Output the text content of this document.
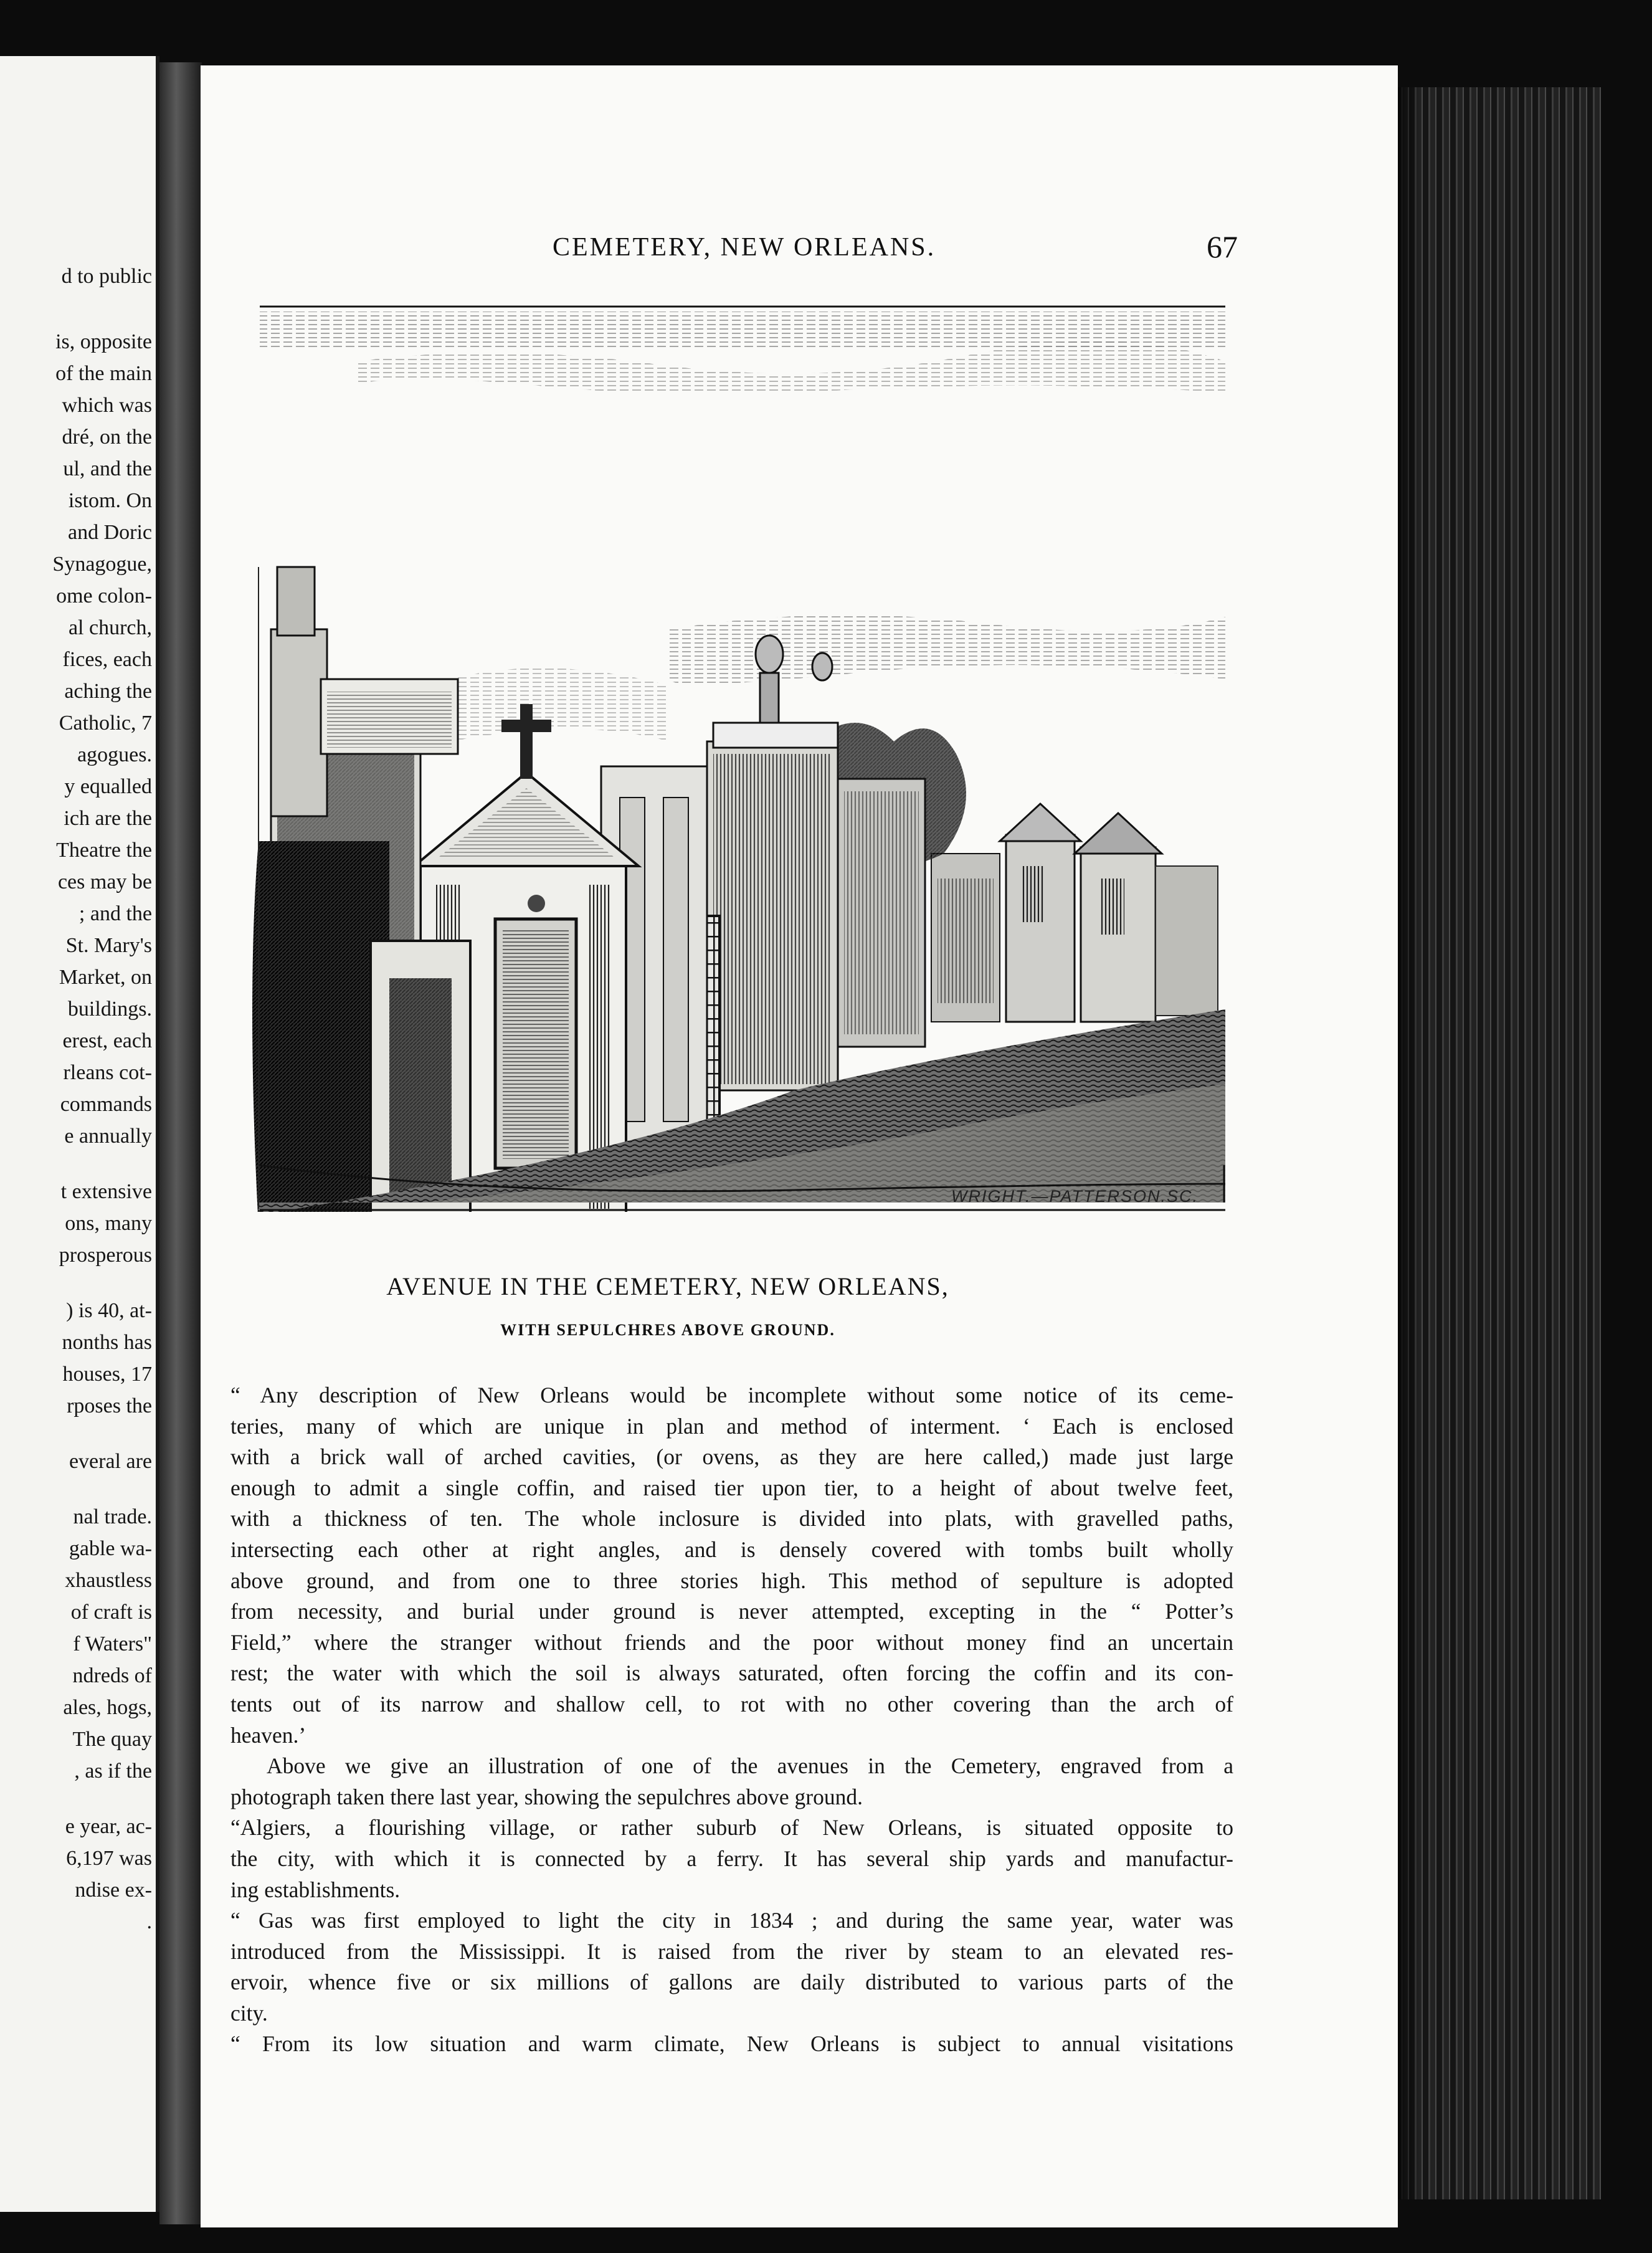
d to public
is, opposite
of the main
which was
dré, on the
ul, and the
istom. On
and Doric
Synagogue,
ome colon-
al church,
fices, each
aching the
Catholic, 7
agogues.
y equalled
ich are the
Theatre the
ces may be
; and the
St. Mary's
Market, on
buildings.
erest, each
rleans cot-
commands
e annually
t extensive
ons, many
prosperous
) is 40, at-
nonths has
houses, 17
rposes the
everal are
nal trade.
gable wa-
xhaustless
of craft is
f Waters"
ndreds of
ales, hogs,
The quay
, as if the
e year, ac-
6,197 was
ndise ex-
.
CEMETERY, NEW ORLEANS.	67
WRIGHT.—PATTERSON.SC.
AVENUE IN THE CEMETERY, NEW ORLEANS,
WITH SEPULCHRES ABOVE GROUND.
“ Any description of New Orleans would be incomplete without some notice of its ceme-
teries, many of which are unique in plan and method of interment. ‘ Each is enclosed
with a brick wall of arched cavities, (or ovens, as they are here called,) made just large
enough to admit a single coffin, and raised tier upon tier, to a height of about twelve feet,
with a thickness of ten. The whole inclosure is divided into plats, with gravelled paths,
intersecting each other at right angles, and is densely covered with tombs built wholly
above ground, and from one to three stories high. This method of sepulture is adopted
from necessity, and burial under ground is never attempted, excepting in the “ Potter’s
Field,” where the stranger without friends and the poor without money find an uncertain
rest; the water with which the soil is always saturated, often forcing the coffin and its con-
tents out of its narrow and shallow cell, to rot with no other covering than the arch of
heaven.’
Above we give an illustration of one of the avenues in the Cemetery, engraved from a
photograph taken there last year, showing the sepulchres above ground.
“Algiers, a flourishing village, or rather suburb of New Orleans, is situated opposite to
the city, with which it is connected by a ferry. It has several ship yards and manufactur-
ing establishments.
“ Gas was first employed to light the city in 1834 ; and during the same year, water was
introduced from the Mississippi. It is raised from the river by steam to an elevated res-
ervoir, whence five or six millions of gallons are daily distributed to various parts of the
city.
“ From its low situation and warm climate, New Orleans is subject to annual visitations
